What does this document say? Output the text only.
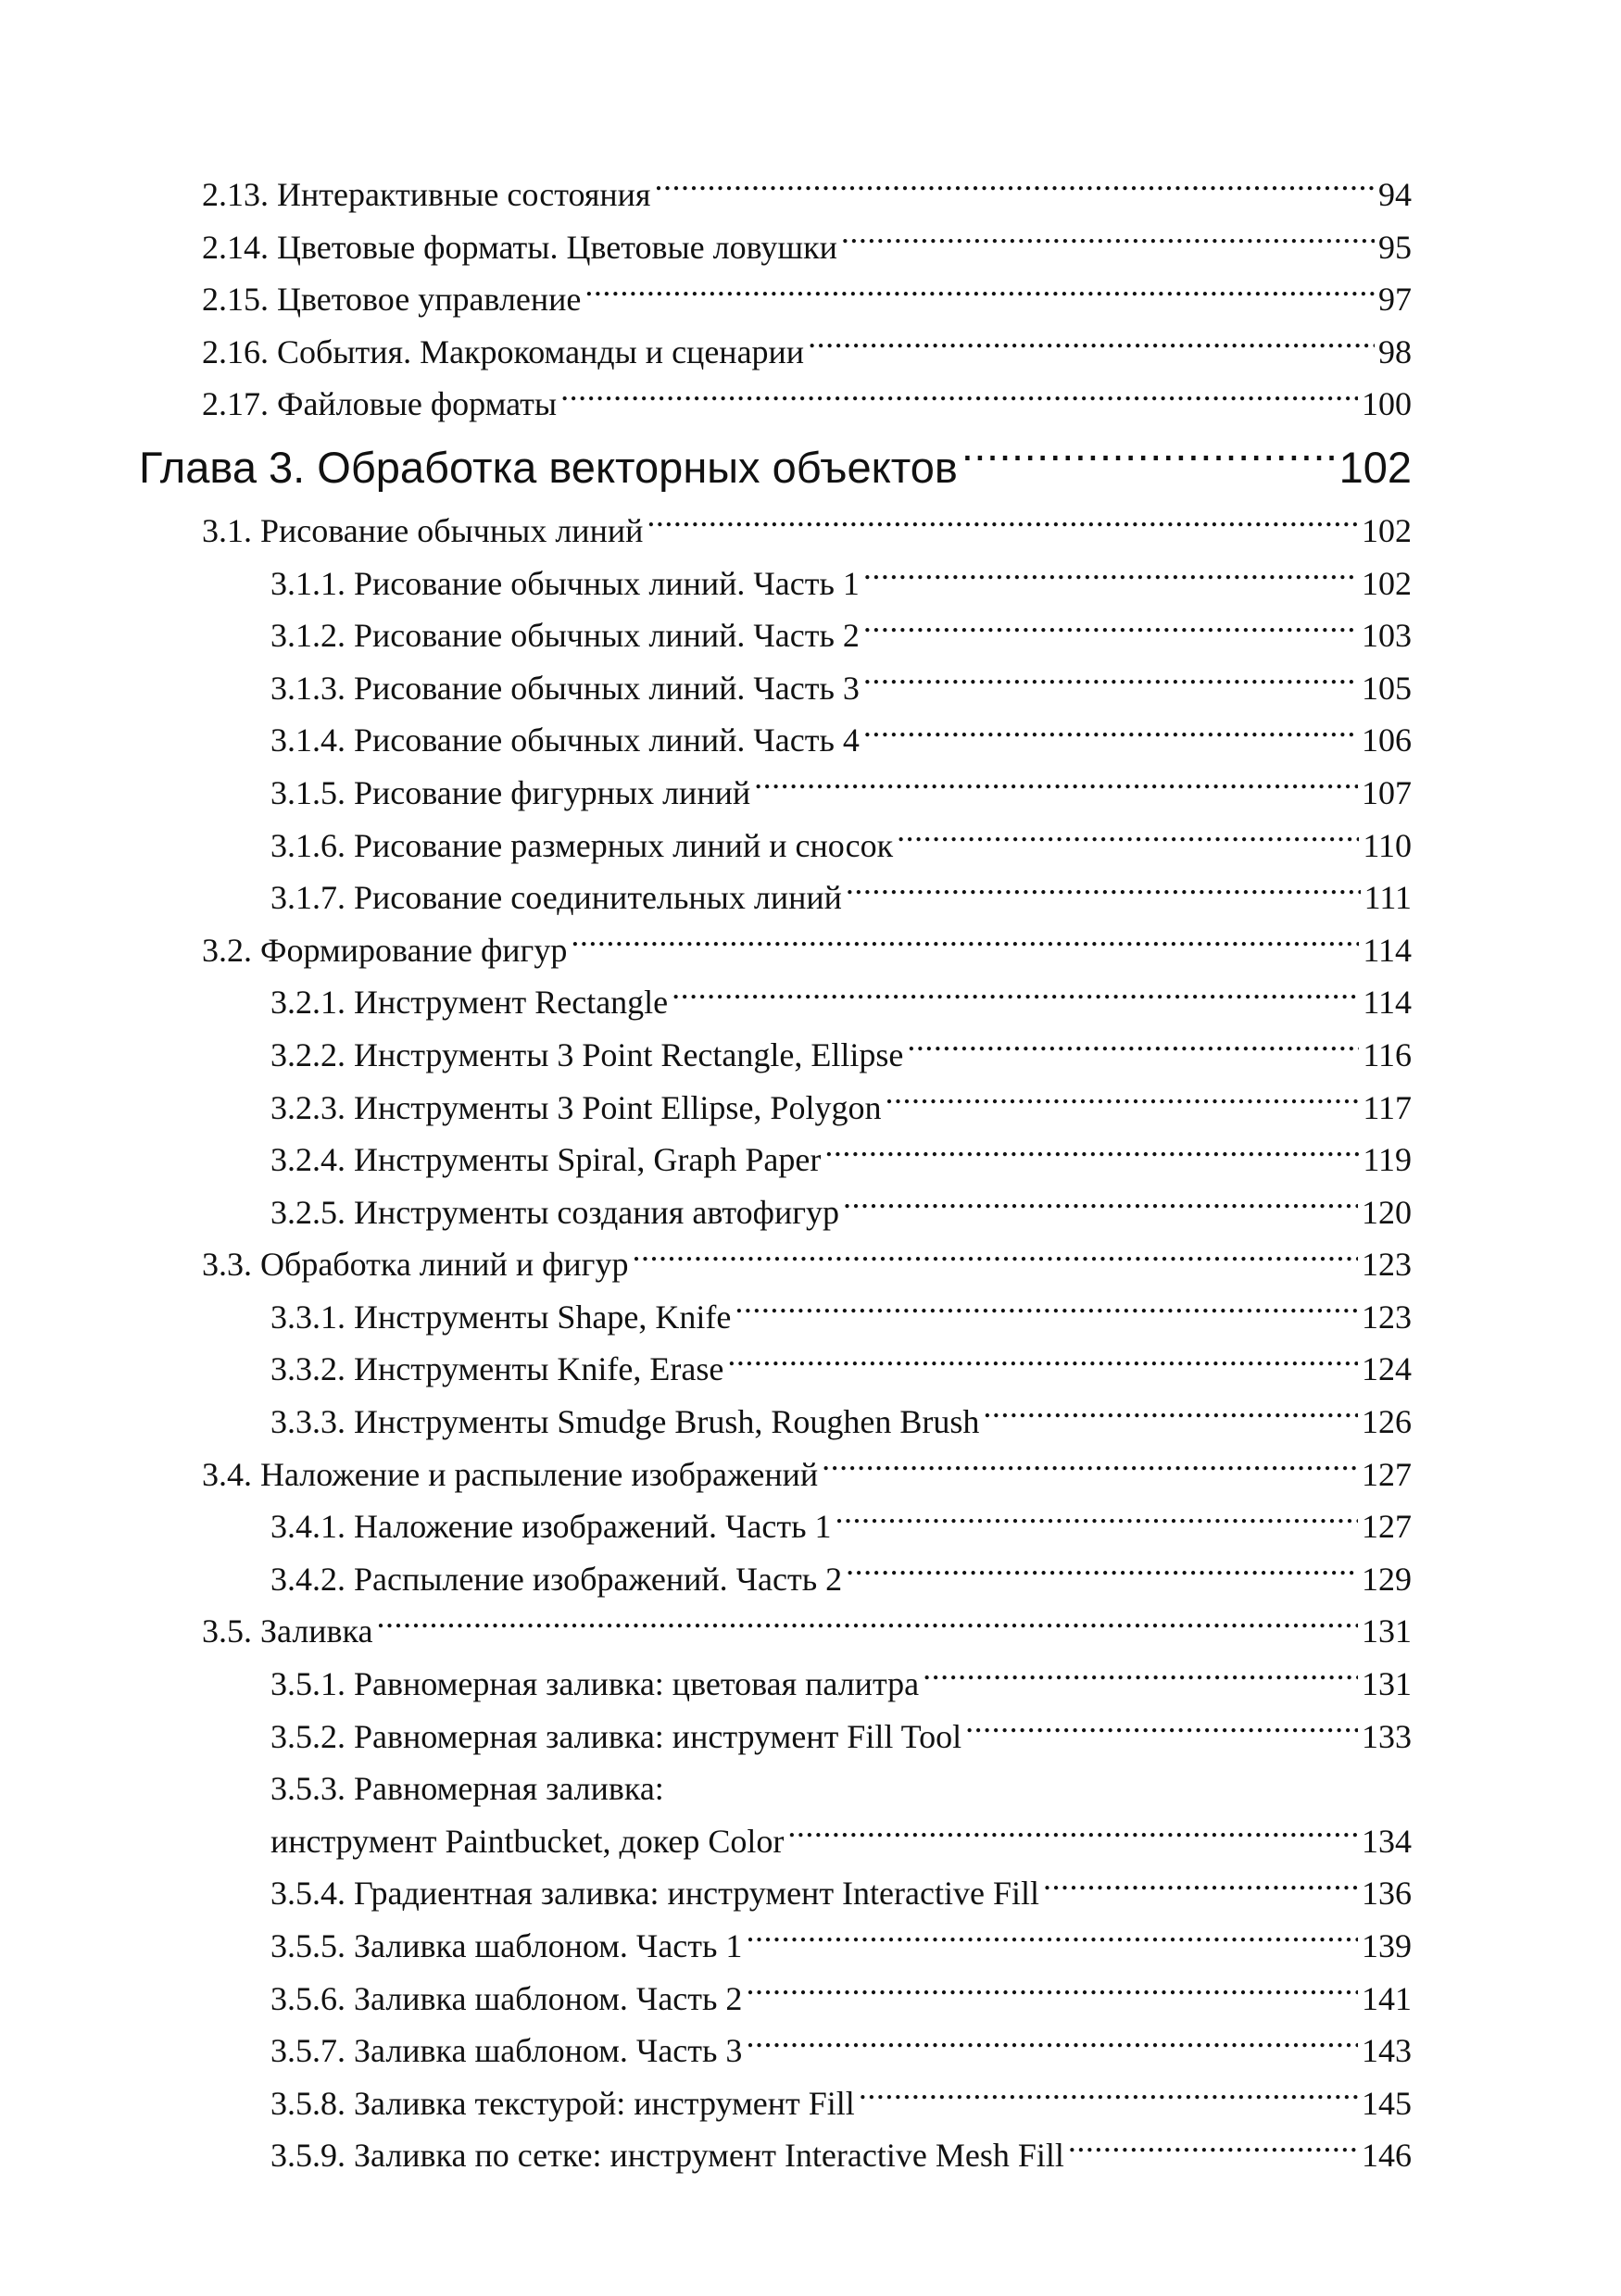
2.13. Интерактивные состояния .....	94
2.14. Цветовые форматы. Цветовые ловушки .....	95
2.15. Цветовое управление .....	97
2.16. События. Макрокоманды и сценарии .....	98
2.17. Файловые форматы .....	100
Глава 3. Обработка векторных объектов .....	102
3.1. Рисование обычных линий .....	102
3.1.1. Рисование обычных линий. Часть 1 .....	102
3.1.2. Рисование обычных линий. Часть 2 .....	103
3.1.3. Рисование обычных линий. Часть 3 .....	105
3.1.4. Рисование обычных линий. Часть 4 .....	106
3.1.5. Рисование фигурных линий .....	107
3.1.6. Рисование размерных линий и сносок .....	110
3.1.7. Рисование соединительных линий .....	111
3.2. Формирование фигур .....	114
3.2.1. Инструмент Rectangle .....	114
3.2.2. Инструменты 3 Point Rectangle, Ellipse .....	116
3.2.3. Инструменты 3 Point Ellipse, Polygon .....	117
3.2.4. Инструменты Spiral, Graph Paper .....	119
3.2.5. Инструменты создания автофигур .....	120
3.3. Обработка линий и фигур .....	123
3.3.1. Инструменты Shape, Knife .....	123
3.3.2. Инструменты Knife, Erase .....	124
3.3.3. Инструменты Smudge Brush, Roughen Brush .....	126
3.4. Наложение и распыление изображений .....	127
3.4.1. Наложение изображений. Часть 1 .....	127
3.4.2. Распыление изображений. Часть 2 .....	129
3.5. Заливка .....	131
3.5.1. Равномерная заливка: цветовая палитра .....	131
3.5.2. Равномерная заливка: инструмент Fill Tool .....	133
3.5.3. Равномерная заливка:
инструмент Paintbucket, докер Color .....	134
3.5.4. Градиентная заливка: инструмент Interactive Fill .....	136
3.5.5. Заливка шаблоном. Часть 1 .....	139
3.5.6. Заливка шаблоном. Часть 2 .....	141
3.5.7. Заливка шаблоном. Часть 3 .....	143
3.5.8. Заливка текстурой: инструмент Fill .....	145
3.5.9. Заливка по сетке: инструмент Interactive Mesh Fill .....	146
